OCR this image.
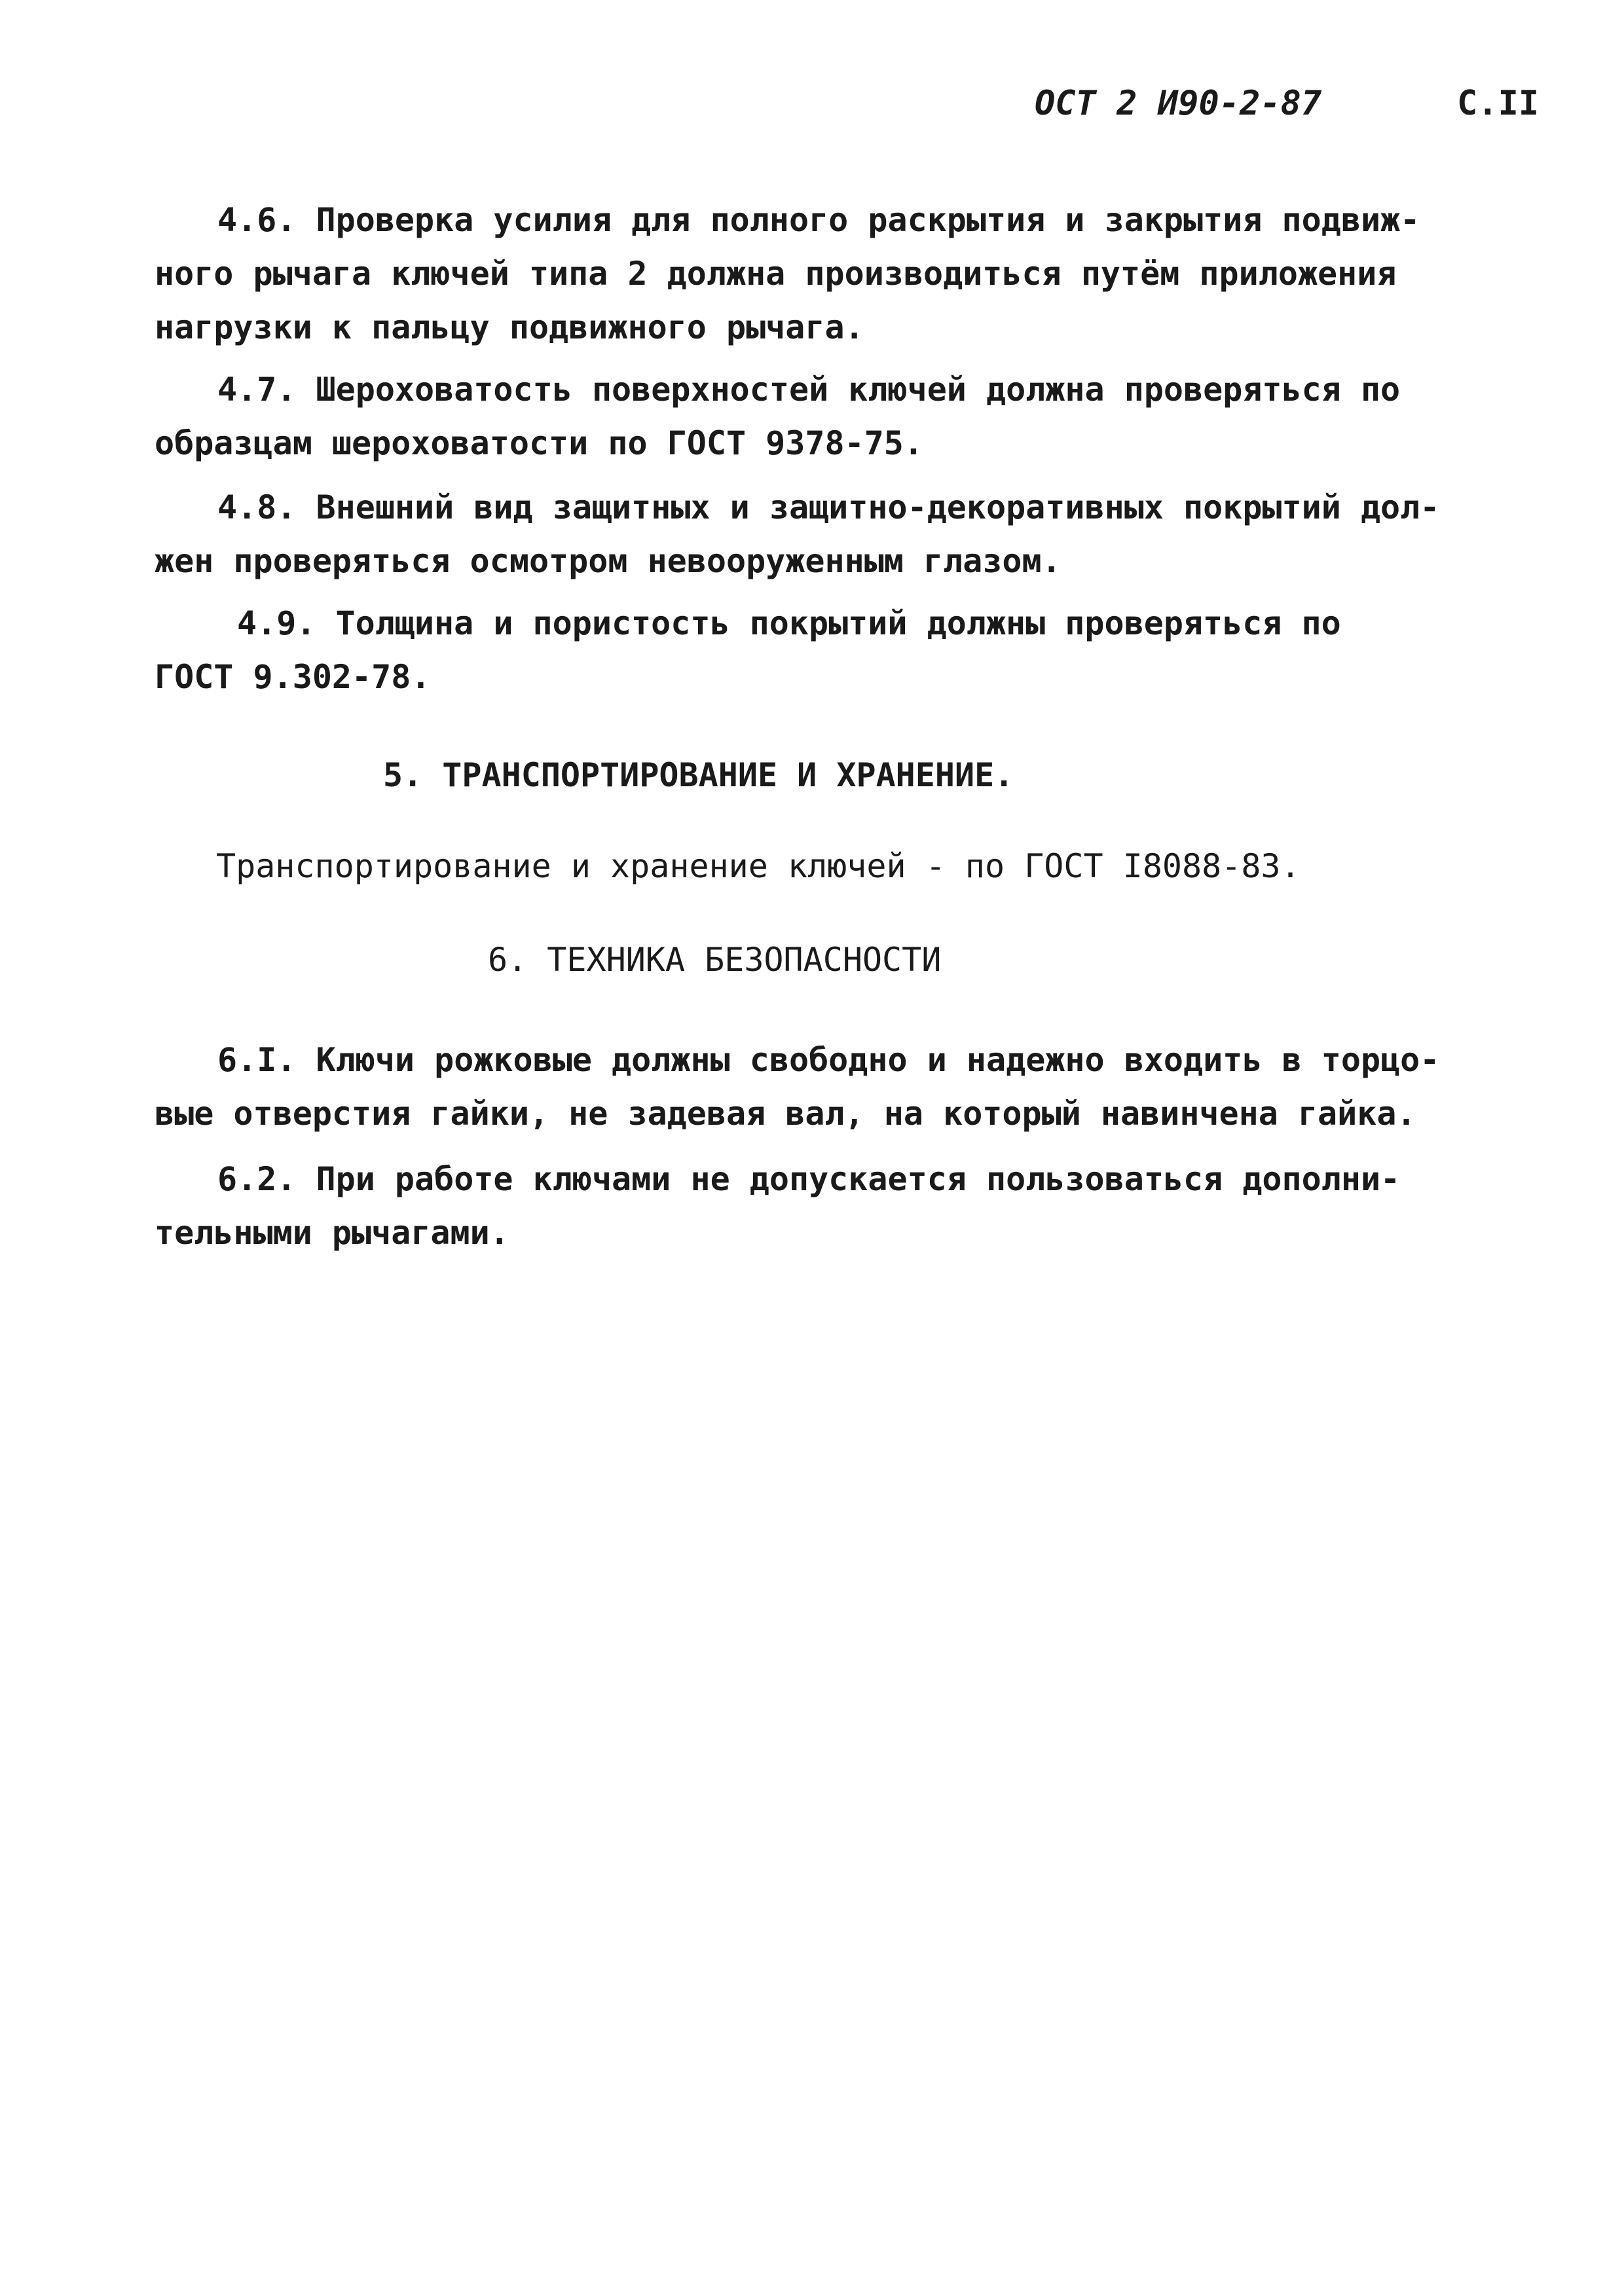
ОСТ 2 И90-2-87	С.II
4.6. Проверка усилия для полного раскрытия и закрытия подвиж-
ного рычага ключей типа 2 должна производиться путём приложения
нагрузки к пальцу подвижного рычага.
4.7. Шероховатость поверхностей ключей должна проверяться по
образцам шероховатости по ГОСТ 9378-75.
4.8. Внешний вид защитных и защитно-декоративных покрытий дол-
жен проверяться осмотром невооруженным глазом.
4.9. Толщина и пористость покрытий должны проверяться по
ГОСТ 9.302-78.
5. ТРАНСПОРТИРОВАНИЕ И ХРАНЕНИЕ.
Транспортирование и хранение ключей - по ГОСТ I8088-83.
6. ТЕХНИКА БЕЗОПАСНОСТИ
6.I. Ключи рожковые должны свободно и надежно входить в торцо-
вые отверстия гайки, не задевая вал, на который навинчена гайка.
6.2. При работе ключами не допускается пользоваться дополни-
тельными рычагами.
